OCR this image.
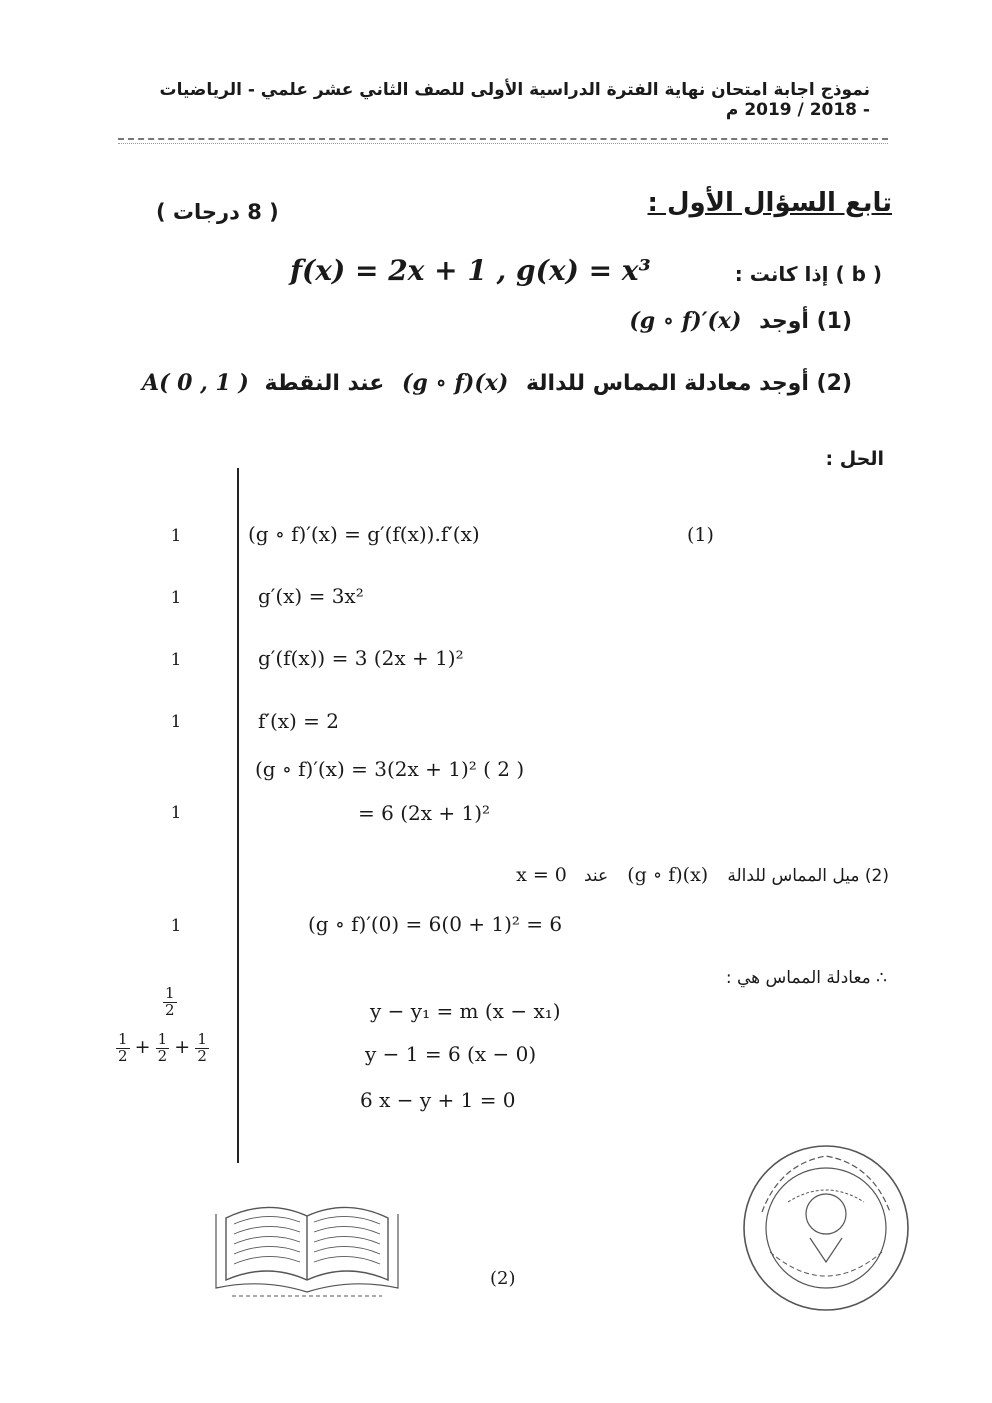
نموذج اجابة امتحان نهاية الفترة الدراسية الأولى للصف الثاني عشر علمي - الرياضيات - 2018 / 2019 م
تابع السؤال الأول :
( 8 درجات )
( b ) إذا كانت :
f(x) = 2x + 1 , g(x) = x³
(1) أوجد (g ∘ f)′(x)
(2) أوجد معادلة المماس للدالة (g ∘ f)(x) عند النقطة A( 0 , 1 )
الحل :
1
1
1
1
1
1
$\frac{1}{2}$
$\frac{1}{2} + \frac{1}{2} + \frac{1}{2}$
(g ∘ f)′(x) = g′(f(x)).f′(x)	(1)
g′(x) = 3x²
g′(f(x)) = 3 (2x + 1)²
f′(x) = 2
(g ∘ f)′(x) = 3(2x + 1)² ( 2 )
= 6 (2x + 1)²
(2) ميل المماس للدالة (g ∘ f)(x) عند x = 0
(g ∘ f)′(0) = 6(0 + 1)² = 6
∴ معادلة المماس هي :
y − y₁ = m (x − x₁)
y − 1 = 6 (x − 0)
6 x − y + 1 = 0
(2)
